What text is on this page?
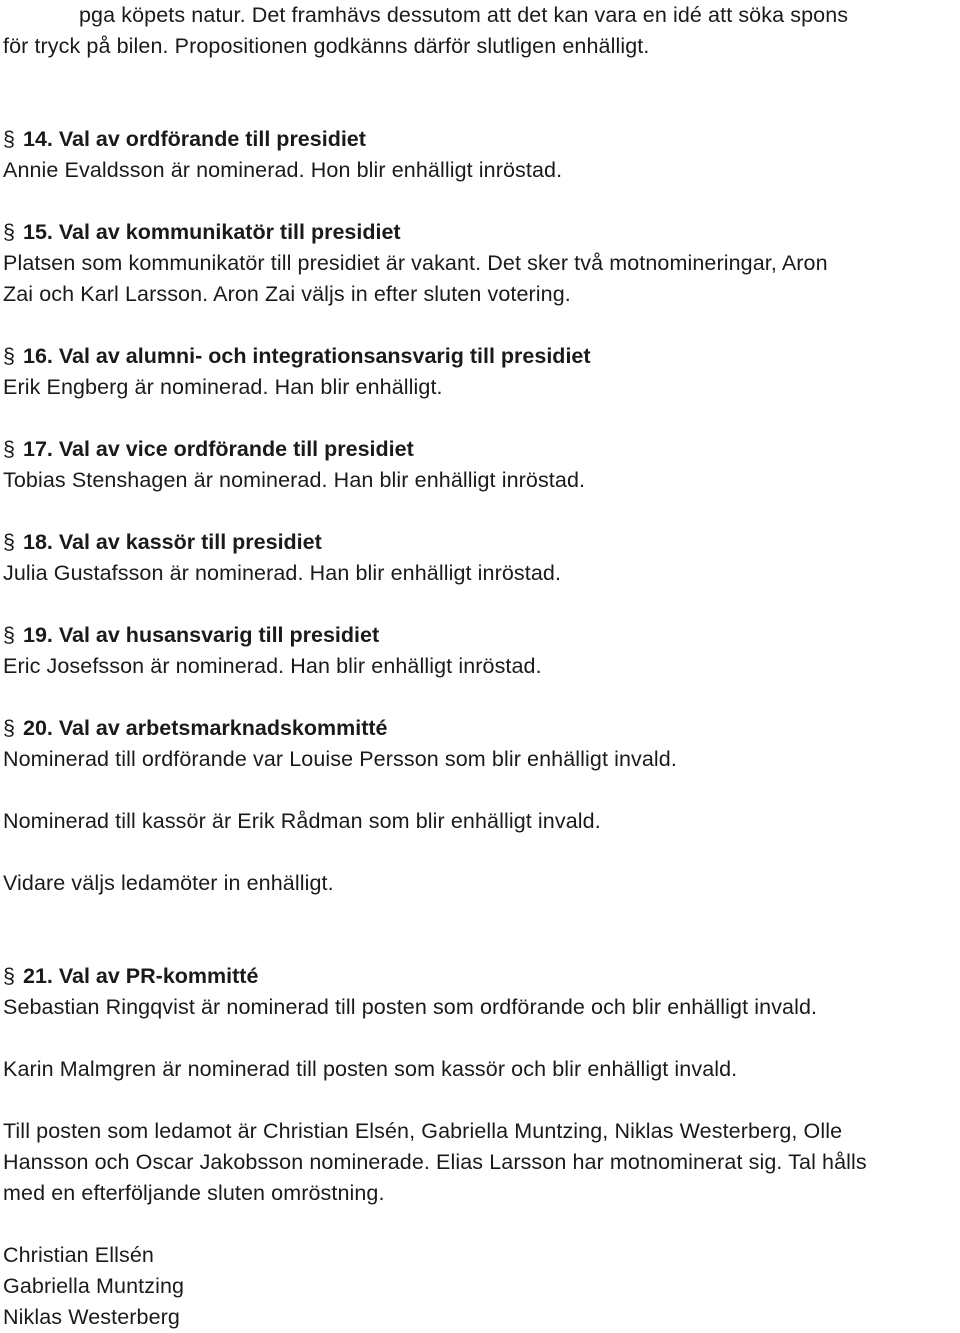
pga köpets natur. Det framhävs dessutom att det kan vara en idé att söka spons
för tryck på bilen. Propositionen godkänns därför slutligen enhälligt.
§ 14. Val av ordförande till presidiet
Annie Evaldsson är nominerad. Hon blir enhälligt inröstad.
§ 15. Val av kommunikatör till presidiet
Platsen som kommunikatör till presidiet är vakant. Det sker två motnomineringar, Aron
Zai och Karl Larsson. Aron Zai väljs in efter sluten votering.
§ 16. Val av alumni- och integrationsansvarig till presidiet
Erik Engberg är nominerad. Han blir enhälligt.
§ 17. Val av vice ordförande till presidiet
Tobias Stenshagen är nominerad. Han blir enhälligt inröstad.
§ 18. Val av kassör till presidiet
Julia Gustafsson är nominerad. Han blir enhälligt inröstad.
§ 19. Val av husansvarig till presidiet
Eric Josefsson är nominerad. Han blir enhälligt inröstad.
§ 20. Val av arbetsmarknadskommitté
Nominerad till ordförande var Louise Persson som blir enhälligt invald.
Nominerad till kassör är Erik Rådman som blir enhälligt invald.
Vidare väljs ledamöter in enhälligt.
§ 21. Val av PR-kommitté
Sebastian Ringqvist är nominerad till posten som ordförande och blir enhälligt invald.
Karin Malmgren är nominerad till posten som kassör och blir enhälligt invald.
Till posten som ledamot är Christian Elsén, Gabriella Muntzing, Niklas Westerberg, Olle
Hansson och Oscar Jakobsson nominerade. Elias Larsson har motnominerat sig. Tal hålls
med en efterföljande sluten omröstning.
Christian Ellsén
Gabriella Muntzing
Niklas Westerberg
